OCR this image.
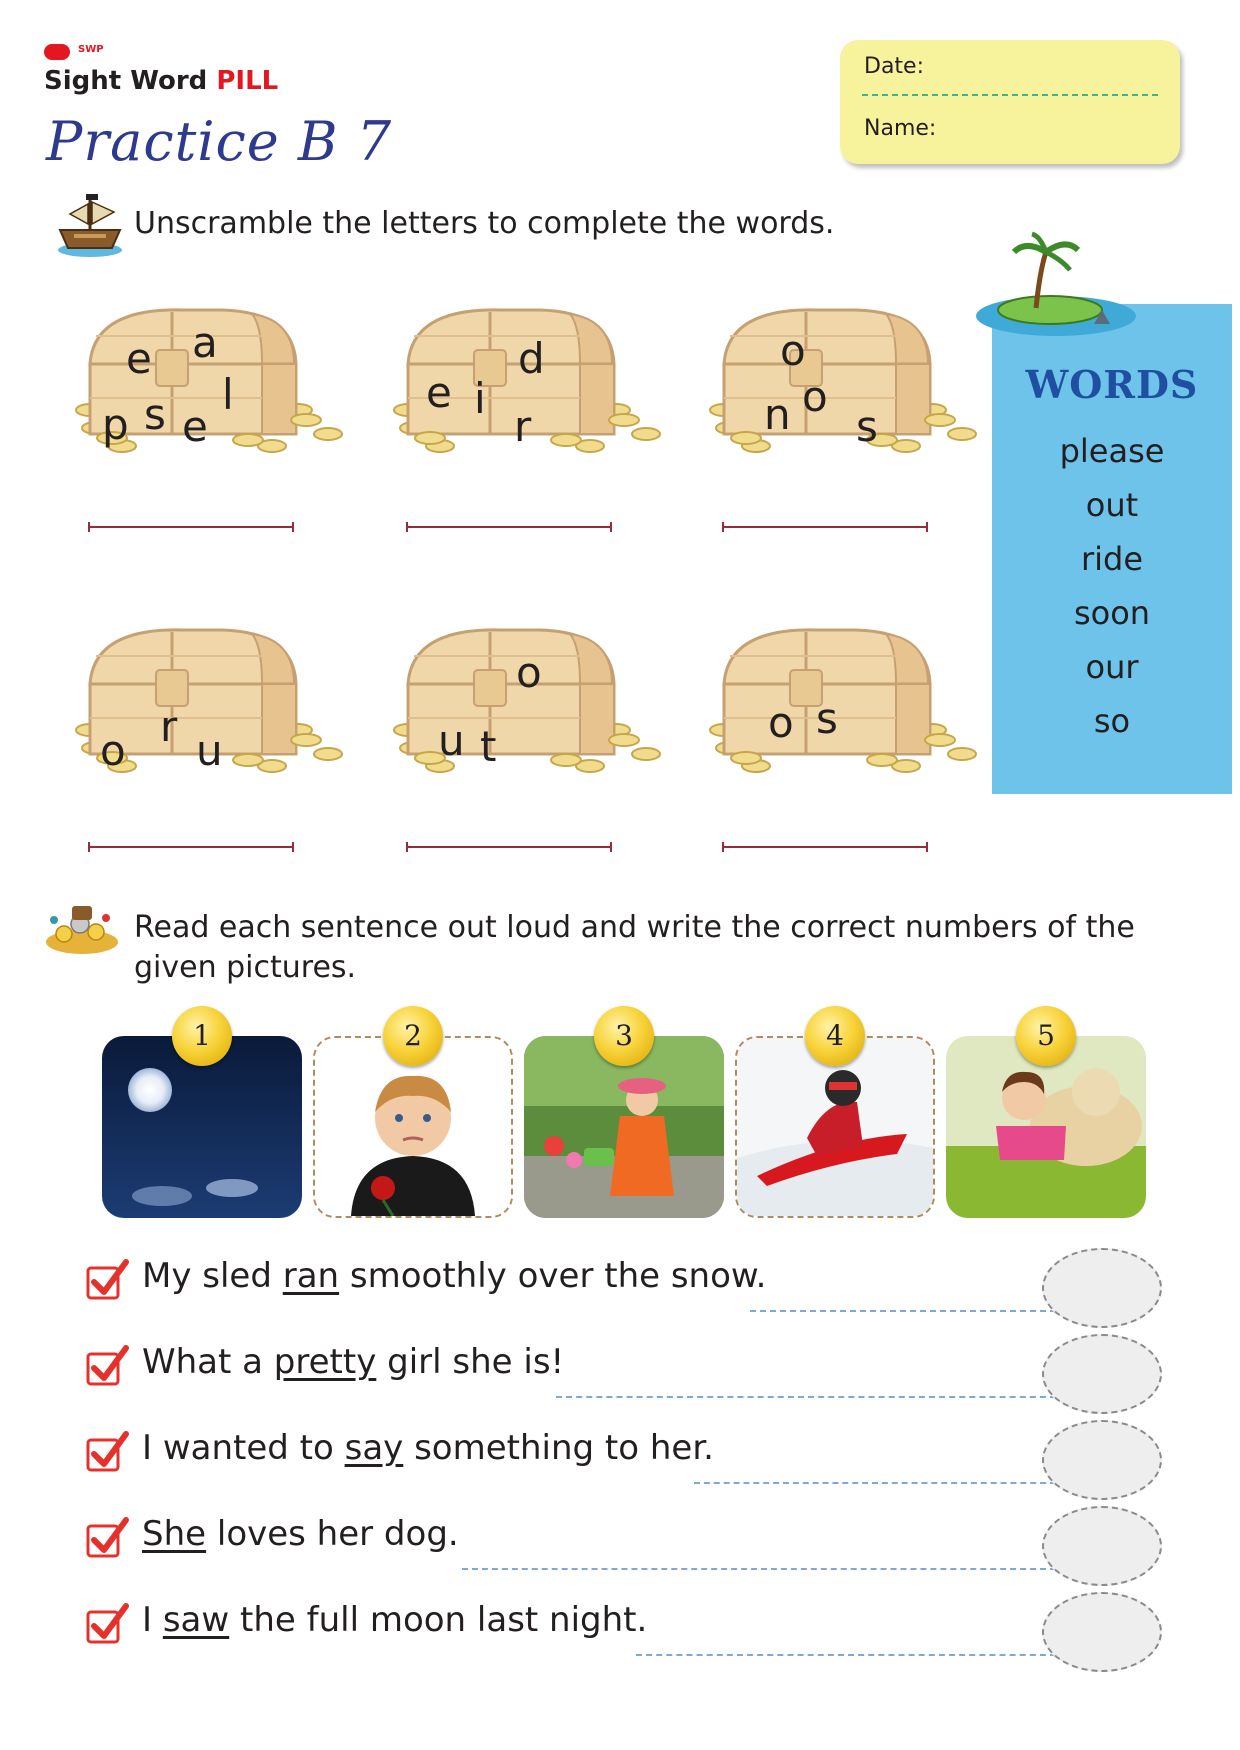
SWP
Sight Word PILL
Practice B 7
Date:
Name:
Unscramble the letters to complete the words.
e a
s l
p e
d
e i
r
o
o
n s
r
o u
o
u t	o s
WORDS
please
out
ride
soon
our
so
Read each sentence out loud and write the correct numbers of the given pictures.
1	2	3	4	5
My sled ran smoothly over the snow.
What a pretty girl she is!
I wanted to say something to her.
She loves her dog.
I saw the full moon last night.
